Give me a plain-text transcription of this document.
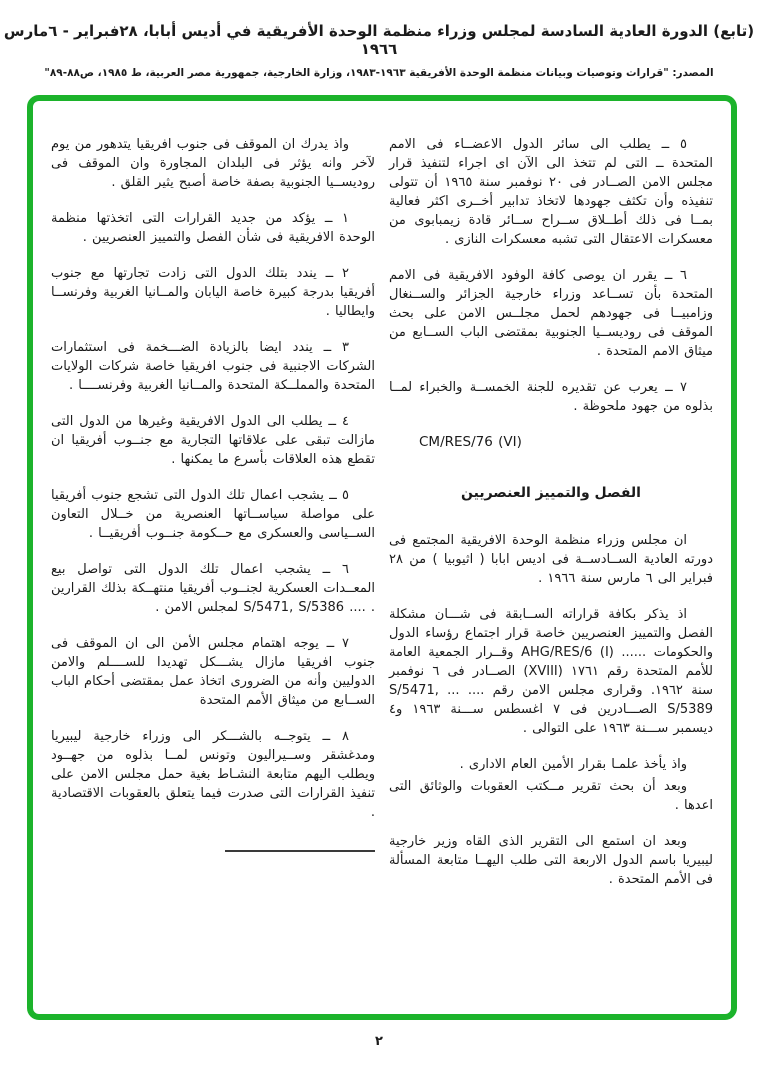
(تابع) الدورة العادية السادسة لمجلس وزراء منظمة الوحدة الأفريقية في أديس أبابا، ٢٨فبراير - ٦مارس ١٩٦٦
المصدر: "قرارات وتوصيات وبيانات منظمة الوحدة الأفريقية ١٩٦٣-١٩٨٣، وزارة الخارجية، جمهورية مصر العربية، ط ١٩٨٥، ص٨٨-٨٩"

٥ ــ يطلب الى سائر الدول الاعضــاء فى الامم المتحدة ــ التى لم تتخذ الى الآن اى اجراء لتنفيذ قرار مجلس الامن الصــادر فى ٢٠ نوفمبر سنة ١٩٦٥ أن تتولى تنفيذه وأن تكثف جهودها لاتخاذ تدابير أخــرى اكثر فعالية بمــا فى ذلك أطــلاق ســراح ســائر قادة زيمبابوى من معسكرات الاعتقال التى تشبه معسكرات النازى .

٦ ــ يقرر ان يوصى كافة الوفود الافريقية فى الامم المتحدة بأن تســاعد وزراء خارجية الجزائر والســنغال وزامبيــا فى جهودهم لحمل مجلــس الامن على بحث الموقف فى روديســيا الجنوبية بمقتضى الباب الســابع من ميثاق الامم المتحدة .

٧ ــ يعرب عن تقديره للجنة الخمســة والخبراء لمــا بذلوه من جهود ملحوظة .

CM/RES/76 (VI)

الفصل والتمييز العنصريين

ان مجلس وزراء منظمة الوحدة الافريقية المجتمع فى دورته العادية الســادســة فى اديس ابابا ( اثيوبيا ) من ٢٨ فبراير الى ٦ مارس سنة ١٩٦٦ .

اذ يذكر بكافة قراراته الســابقة فى شـــان مشكلة الفصل والتمييز العنصريين خاصة قرار اجتماع رؤساء الدول والحكومات ...... AHG/RES/6 (I) وقــرار الجمعية العامة للأمم المتحدة رقم ١٧٦١ (XVIII) الصــادر فى ٦ نوفمبر سنة ١٩٦٢. وقرارى مجلس الامن رقم .... ... S/5471, S/5389 الصـــادرين فى ٧ اغسطس ســـنة ١٩٦٣ و٤ ديسمبر ســـنة ١٩٦٣ على التوالى .

واذ يأخذ علمـا بقرار الأمين العام الادارى .

وبعد أن بحث تقرير مــكتب العقوبات والوثائق التى اعدها .

وبعد ان استمع الى التقرير الذى القاه وزير خارجية ليبيريا باسم الدول الاربعة التى طلب اليهــا متابعة المسألة فى الأمم المتحدة .

واذ يدرك ان الموقف فى جنوب افريقيا يتدهور من يوم لآخر وانه يؤثر فى البلدان المجاورة وان الموقف فى روديســيا الجنوبية بصفة خاصة أصبح يثير القلق .

١ ــ يؤكد من جديد القرارات التى اتخذتها منظمة الوحدة الافريقية فى شأن الفصل والتمييز العنصريين .

٢ ــ يندد بتلك الدول التى زادت تجارتها مع جنوب أفريقيا بدرجة كبيرة خاصة اليابان والمــانيا الغربية وفرنســا وايطاليا .

٣ ــ يندد ايضا بالزيادة الضـــخمة فى استثمارات الشركات الاجنبية فى جنوب افريقيا خاصة شركات الولايات المتحدة والمملــكة المتحدة والمــانيا الغربية وفرنســــا .

٤ ــ يطلب الى الدول الافريقية وغيرها من الدول التى مازالت تبقى على علاقاتها التجارية مع جنــوب أفريقيا ان تقطع هذه العلاقات بأسرع ما يمكنها .

٥ ــ يشجب اعمال تلك الدول التى تشجع جنوب أفريقيا على مواصلة سياســاتها العنصرية من خــلال التعاون الســياسى والعسكرى مع حــكومة جنــوب أفريقيــا .

٦ ــ يشجب اعمال تلك الدول التى تواصل بيع المعــدات العسكرية لجنــوب أفريقيا منتهــكة بذلك القرارين . .... S/5471, S/5386 لمجلس الامن .

٧ ــ يوجه اهتمام مجلس الأمن الى ان الموقف فى جنوب افريقيا مازال يشـــكل تهديدا للســــلم والامن الدوليين وأنه من الضرورى اتخاذ عمل بمقتضى أحكام الباب الســابع من ميثاق الأمم المتحدة

٨ ــ يتوجــه بالشـــكر الى وزراء خارجية ليبيريا ومدغشقر وســيراليون وتونس لمــا بذلوه من جهــود ويطلب اليهم متابعة النشـاط بغية حمل مجلس الامن على تنفيذ القرارات التى صدرت فيما يتعلق بالعقوبات الاقتصادية .

٢
